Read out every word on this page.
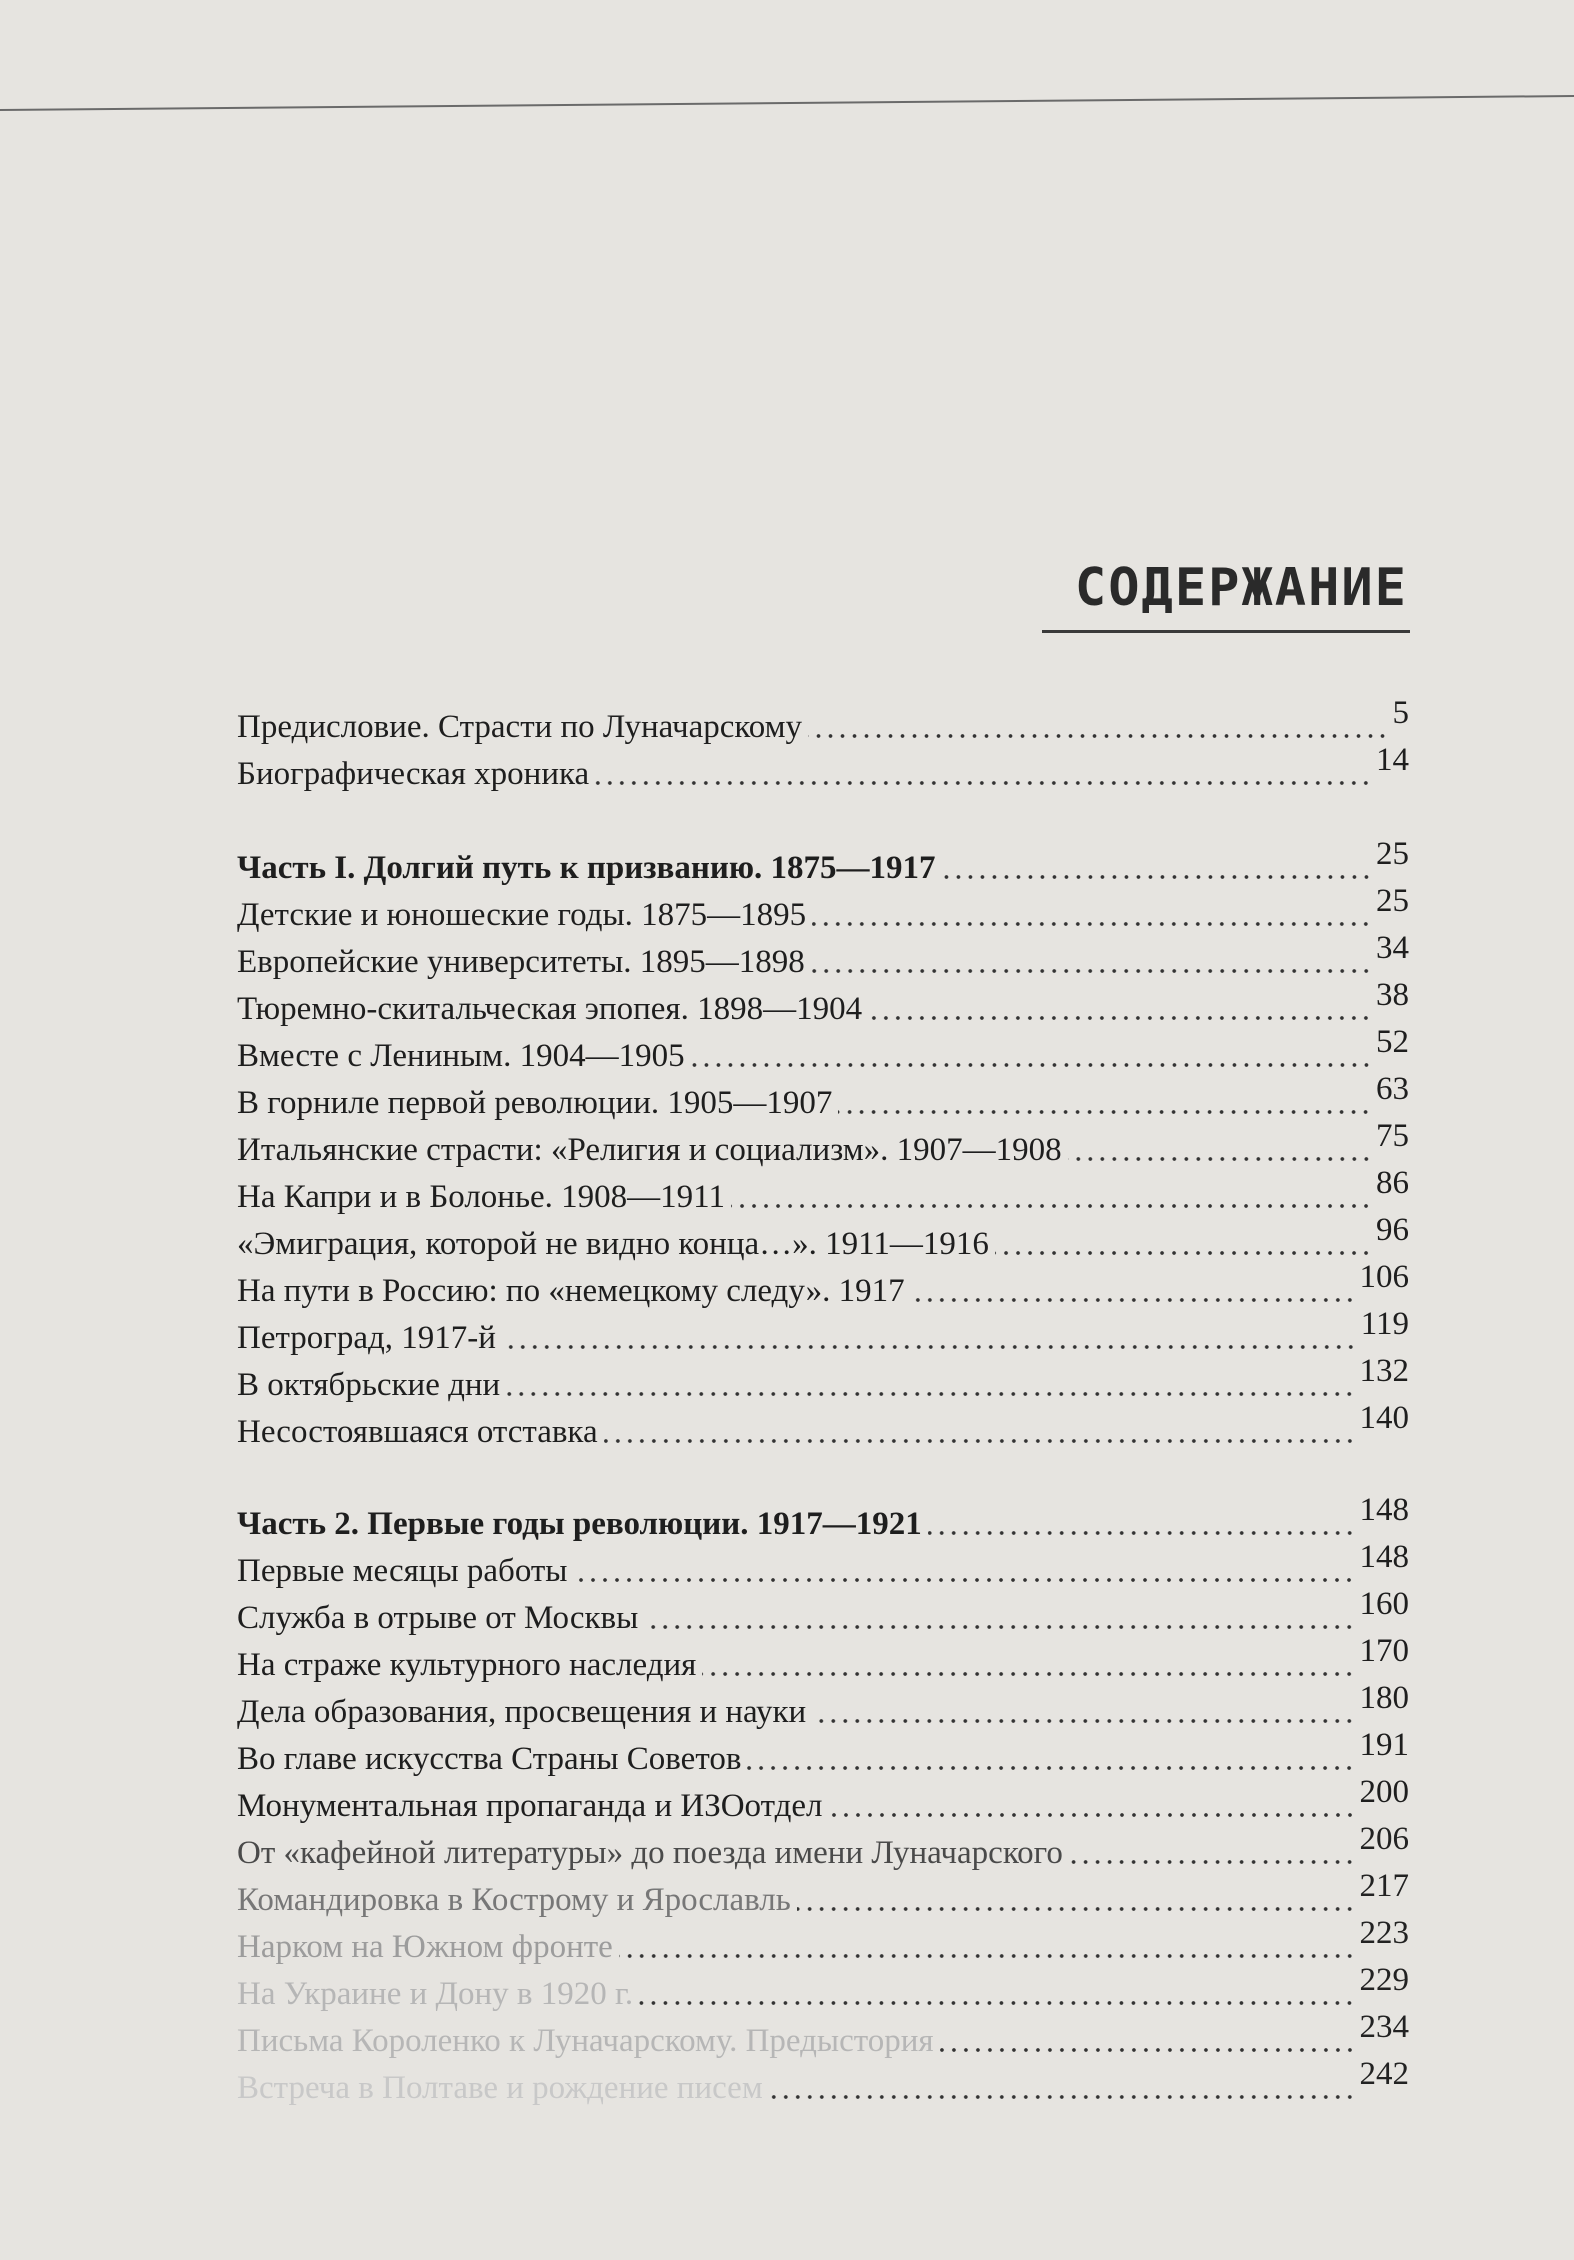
СОДЕРЖАНИЕ
Предисловие. Страсти по Луначарскому	5
Биографическая хроника	14
Часть I. Долгий путь к призванию. 1875—1917	25
Детские и юношеские годы. 1875—1895	25
Европейские университеты. 1895—1898	34
Тюремно-скитальческая эпопея. 1898—1904	38
Вместе с Лениным. 1904—1905	52
В горниле первой революции. 1905—1907	63
Итальянские страсти: «Религия и социализм». 1907—1908	75
На Капри и в Болонье. 1908—1911	86
«Эмиграция, которой не видно конца…». 1911—1916	96
На пути в Россию: по «немецкому следу». 1917	106
Петроград, 1917-й	119
В октябрьские дни	132
Несостоявшаяся отставка	140
Часть 2. Первые годы революции. 1917—1921	148
Первые месяцы работы	148
Служба в отрыве от Москвы	160
На страже культурного наследия	170
Дела образования, просвещения и науки	180
Во главе искусства Страны Советов	191
Монументальная пропаганда и ИЗОотдел	200
От «кафейной литературы» до поезда имени Луначарского	206
Командировка в Кострому и Ярославль	217
Нарком на Южном фронте	223
На Украине и Дону в 1920 г.	229
Письма Короленко к Луначарскому. Предыстория	234
Встреча в Полтаве и рождение писем	242
